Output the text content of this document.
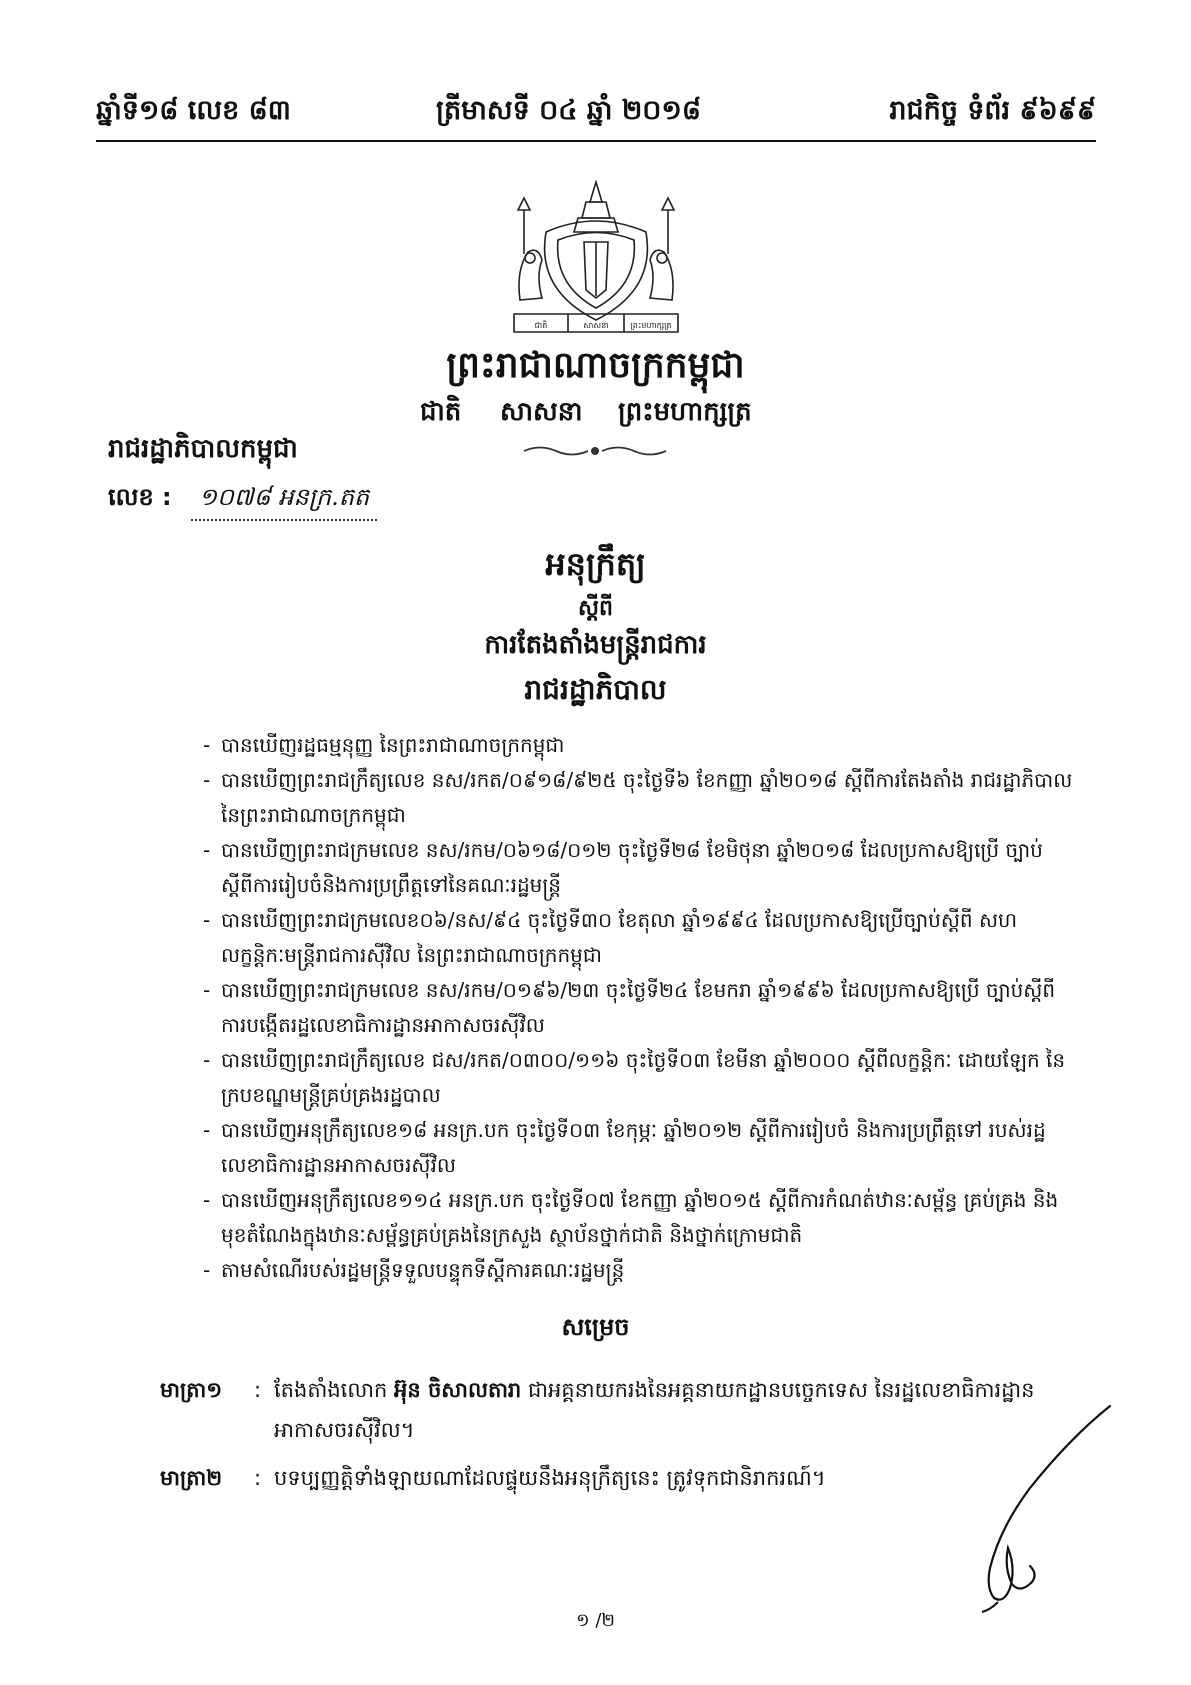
ឆ្នាំទី១៨ លេខ ៨៣	ត្រីមាសទី ០៤ ឆ្នាំ ២០១៨	រាជកិច្ច ទំព័រ ៩៦៩៩
ជាតិ	សាសនា	ព្រះមហាក្សត្រ
ព្រះរាជាណាចក្រកម្ពុជា
ជាតិ សាសនា ព្រះមហាក្សត្រ
រាជរដ្ឋាភិបាលកម្ពុជា
លេខ : ១០៧៨ អនក្រ.តត
អនុក្រឹត្យ
ស្តីពី
ការតែងតាំងមន្ត្រីរាជការ
រាជរដ្ឋាភិបាល
- បានឃើញរដ្ឋធម្មនុញ្ញ នៃព្រះរាជាណាចក្រកម្ពុជា
- បានឃើញព្រះរាជក្រឹត្យលេខ នស/រកត/០៩១៨/៩២៥ ចុះថ្ងៃទី៦ ខែកញ្ញា ឆ្នាំ២០១៨ ស្តីពីការតែងតាំង រាជរដ្ឋាភិបាល នៃព្រះរាជាណាចក្រកម្ពុជា
- បានឃើញព្រះរាជក្រមលេខ នស/រកម/០៦១៨/០១២ ចុះថ្ងៃទី២៨ ខែមិថុនា ឆ្នាំ២០១៨ ដែលប្រកាសឱ្យប្រើ ច្បាប់ស្តីពីការរៀបចំនិងការប្រព្រឹត្តទៅនៃគណៈរដ្ឋមន្ត្រី
- បានឃើញព្រះរាជក្រមលេខ០៦/នស/៩៤ ចុះថ្ងៃទី៣០ ខែតុលា ឆ្នាំ១៩៩៤ ដែលប្រកាសឱ្យប្រើច្បាប់ស្តីពី សហលក្ខន្តិកៈមន្ត្រីរាជការស៊ីវិល នៃព្រះរាជាណាចក្រកម្ពុជា
- បានឃើញព្រះរាជក្រមលេខ នស/រកម/០១៩៦/២៣ ចុះថ្ងៃទី២៤ ខែមករា ឆ្នាំ១៩៩៦ ដែលប្រកាសឱ្យប្រើ ច្បាប់ស្តីពីការបង្កើតរដ្ឋលេខាធិការដ្ឋានអាកាសចរស៊ីវិល
- បានឃើញព្រះរាជក្រឹត្យលេខ ជស/រកត/០៣០០/១១៦ ចុះថ្ងៃទី០៣ ខែមីនា ឆ្នាំ២០០០ ស្តីពីលក្ខន្តិកៈ ដោយឡែក នៃក្របខណ្ឌមន្ត្រីគ្រប់គ្រងរដ្ឋបាល
- បានឃើញអនុក្រឹត្យលេខ១៨ អនក្រ.បក ចុះថ្ងៃទី០៣ ខែកុម្ភៈ ឆ្នាំ២០១២ ស្តីពីការរៀបចំ និងការប្រព្រឹត្តទៅ របស់រដ្ឋលេខាធិការដ្ឋានអាកាសចរស៊ីវិល
- បានឃើញអនុក្រឹត្យលេខ១១៤ អនក្រ.បក ចុះថ្ងៃទី០៧ ខែកញ្ញា ឆ្នាំ២០១៥ ស្តីពីការកំណត់ឋានៈសម្ព័ន្ធ គ្រប់គ្រង និងមុខតំណែងក្នុងឋានៈសម្ព័ន្ធគ្រប់គ្រងនៃក្រសួង ស្ថាប័នថ្នាក់ជាតិ និងថ្នាក់ក្រោមជាតិ
- តាមសំណើរបស់រដ្ឋមន្ត្រីទទួលបន្ទុកទីស្តីការគណៈរដ្ឋមន្ត្រី
សម្រេច
មាត្រា១ : តែងតាំងលោក អ៊ុន ចិសាលតារា ជាអគ្គនាយករងនៃអគ្គនាយកដ្ឋានបច្ចេកទេស នៃរដ្ឋលេខាធិការដ្ឋាន
អាកាសចរស៊ីវិល។
មាត្រា២ : បទប្បញ្ញត្តិទាំងឡាយណាដែលផ្ទុយនឹងអនុក្រឹត្យនេះ ត្រូវទុកជានិរាករណ៍។
១ /២
